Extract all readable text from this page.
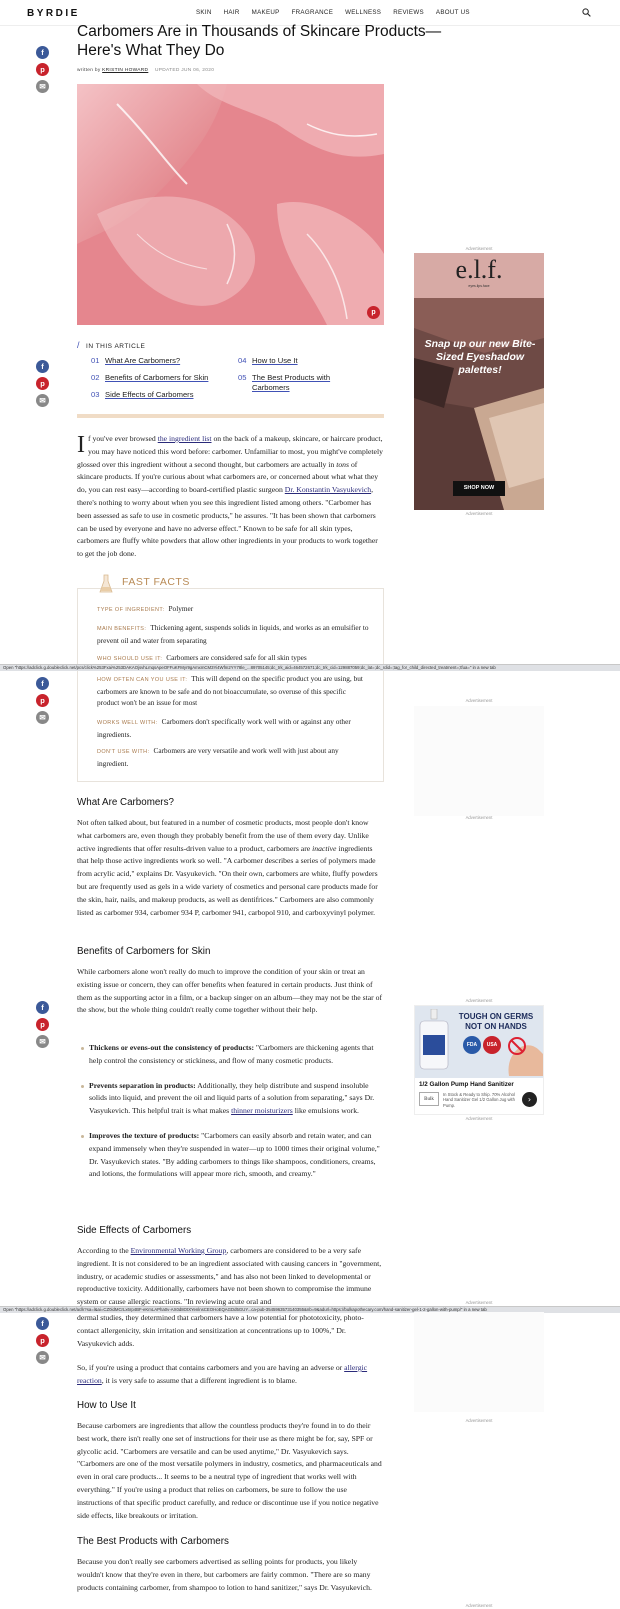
BYRDIE	SKIN HAIR MAKEUP FRAGRANCE WELLNESS REVIEWS ABOUT US
f
p
✉
f
p
✉
f
p
✉
f
p
✉
f
p
✉
Carbomers Are in Thousands of Skincare Products—Here's What They Do
written by KRISTIN HOWARD UPDATED JUN 06, 2020
p
/ IN THIS ARTICLE
01 What Are Carbomers?
02 Benefits of Carbomers for Skin
03 Side Effects of Carbomers
04 How to Use It
05 The Best Products with Carbomers
If you've ever browsed the ingredient list on the back of a makeup, skincare, or haircare product, you may have noticed this word before: carbomer. Unfamiliar to most, you might've completely glossed over this ingredient without a second thought, but carbomers are actually in tons of skincare products. If you're curious about what carbomers are, or concerned about what what they do, you can rest easy—according to board-certified plastic surgeon Dr. Konstantin Vasyukevich, there's nothing to worry about when you see this ingredient listed among others. "Carbomer has been assessed as safe to use in cosmetic products," he assures. "It has been shown that carbomers can be used by everyone and have no adverse effect." Known to be safe for all skin types, carbomers are fluffy white powders that allow other ingredients in your products to work together to get the job done.
FAST FACTS
TYPE OF INGREDIENT: Polymer
MAIN BENEFITS: Thickening agent, suspends solids in liquids, and works as an emulsifier to prevent oil and water from separating
WHO SHOULD USE IT: Carbomers are considered safe for all skin types
HOW OFTEN CAN YOU USE IT: This will depend on the specific product you are using, but carbomers are known to be safe and do not bioaccumulate, so overuse of this specific product won't be an issue for most
WORKS WELL WITH: Carbomers don't specifically work well with or against any other ingredients.
DON'T USE WITH: Carbomers are very versatile and work well with just about any ingredient.
Open "https://adclick.g.doubleclick.net/pcs/click%253Fxai%253DAKAOjsvhLmqsApeOFFuKFMyr9gAmxmCM3Yi4Wfm2YY78le_...89705145;dc_trk_aid=464572671;dc_trk_cid=129887059;dc_lat=;dc_rdid=;tag_for_child_directed_treatment=;tfua=" in a new tab
What Are Carbomers?
Not often talked about, but featured in a number of cosmetic products, most people don't know what carbomers are, even though they probably benefit from the use of them every day. Unlike active ingredients that offer results-driven value to a product, carbomers are inactive ingredients that help those active ingredients work so well. "A carbomer describes a series of polymers made from acrylic acid," explains Dr. Vasyukevich. "On their own, carbomers are white, fluffy powders but are frequently used as gels in a wide variety of cosmetics and personal care products made for the skin, hair, nails, and makeup products, as well as dentifrices." Carbomers are also commonly listed as carbomer 934, carbomer 934 P, carbomer 941, carbopol 910, and carboxyvinyl polymer.
Benefits of Carbomers for Skin
While carbomers alone won't really do much to improve the condition of your skin or treat an existing issue or concern, they can offer benefits when featured in certain products. Just think of them as the supporting actor in a film, or a backup singer on an album—they may not be the star of the show, but the whole thing couldn't really come together without their help.
Thickens or evens-out the consistency of products: "Carbomers are thickening agents that help control the consistency or stickiness, and flow of many cosmetic products.
Prevents separation in products: Additionally, they help distribute and suspend insoluble solids into liquid, and prevent the oil and liquid parts of a solution from separating," says Dr. Vasyukevich. This helpful trait is what makes thinner moisturizers like emulsions work.
Improves the texture of products: "Carbomers can easily absorb and retain water, and can expand immensely when they're suspended in water—up to 1000 times their original volume," Dr. Vasyukevich states. "By adding carbomers to things like shampoos, conditioners, creams, and lotions, the formulations will appear more rich, smooth, and creamy."
Side Effects of Carbomers
According to the Environmental Working Group, carbomers are considered to be a very safe ingredient. It is not considered to be an ingredient associated with causing cancers in "government, industry, or academic studies or assessments," and has also not been linked to developmental or reproductive toxicity. Additionally, carbomers have not been shown to compromise the immune system or cause allergic reactions. "In reviewing acute oral and
Open "https://adclick.g.doubleclick.net/aclk?sa=l&ai=CZ0idMCrLx6rp4BF-eKmLAPha0v-AX0d8OtXYenlnsCEOHoEQAGDd5GUY...ca-pub-3545963573140355&nb=9&adurl=https://bulkapothecary.com/hand-sanitizer-gel-1-2-gallon-with-pump/" in a new tab
dermal studies, they determined that carbomers have a low potential for phototoxicity, photo-contact allergenicity, skin irritation and sensitization at concentrations up to 100%," Dr. Vasyukevich adds.
So, if you're using a product that contains carbomers and you are having an adverse or allergic reaction, it is very safe to assume that a different ingredient is to blame.
How to Use It
Because carbomers are ingredients that allow the countless products they're found in to do their best work, there isn't really one set of instructions for their use as there might be for, say, SPF or glycolic acid. "Carbomers are versatile and can be used anytime," Dr. Vasyukevich says. "Carbomers are one of the most versatile polymers in industry, cosmetics, and pharmaceuticals and even in oral care products... It seems to be a neutral type of ingredient that works well with everything." If you're using a product that relies on carbomers, be sure to follow the use instructions of that specific product carefully, and reduce or discontinue use if you notice negative side effects, like breakouts or irritation.
The Best Products with Carbomers
Because you don't really see carbomers advertised as selling points for products, you likely wouldn't know that they're even in there, but carbomers are fairly common. "There are so many products containing carbomer, from shampoo to lotion to hand sanitizer," says Dr. Vasyukevich.
Advertisement
e.l.f.
eyes.lips.face
Snap up our new Bite-Sized Eyeshadow palettes!
SHOP NOW
Advertisement
Advertisement
Advertisement
Advertisement
TOUGH ON GERMS NOT ON HANDS
FDA	USA
1/2 Gallon Pump Hand Sanitizer
Bulk
In Stock & Ready to Ship. 70% Alcohol Hand Sanitizer Gel 1/2 Gallon Jug with Pump.
›
Advertisement
Advertisement
Advertisement
Advertisement
